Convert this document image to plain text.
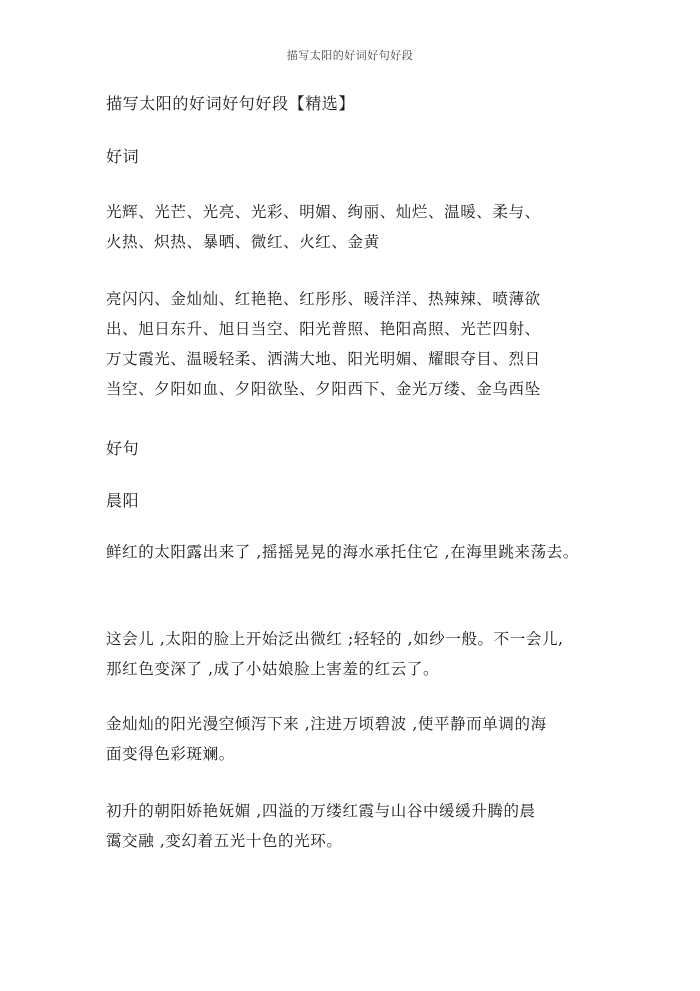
描写太阳的好词好句好段
描写太阳的好词好句好段【精选】
好词
光辉、光芒、光亮、光彩、明媚、绚丽、灿烂、温暖、柔与、
火热、炽热、暴晒、微红、火红、金黄
亮闪闪、金灿灿、红艳艳、红彤彤、暖洋洋、热辣辣、喷薄欲
出、旭日东升、旭日当空、阳光普照、艳阳高照、光芒四射、
万丈霞光、温暖轻柔、洒满大地、阳光明媚、耀眼夺目、烈日
当空、夕阳如血、夕阳欲坠、夕阳西下、金光万缕、金乌西坠
好句
晨阳
鲜红的太阳露出来了 ,摇摇晃晃的海水承托住它 ,在海里跳来荡去。
这会儿 ,太阳的脸上开始泛出微红 ;轻轻的 ,如纱一般。不一会儿,
那红色变深了 ,成了小姑娘脸上害羞的红云了。
金灿灿的阳光漫空倾泻下来 ,注进万顷碧波 ,使平静而单调的海
面变得色彩斑斓。
初升的朝阳娇艳妩媚 ,四溢的万缕红霞与山谷中缓缓升腾的晨
霭交融 ,变幻着五光十色的光环。
